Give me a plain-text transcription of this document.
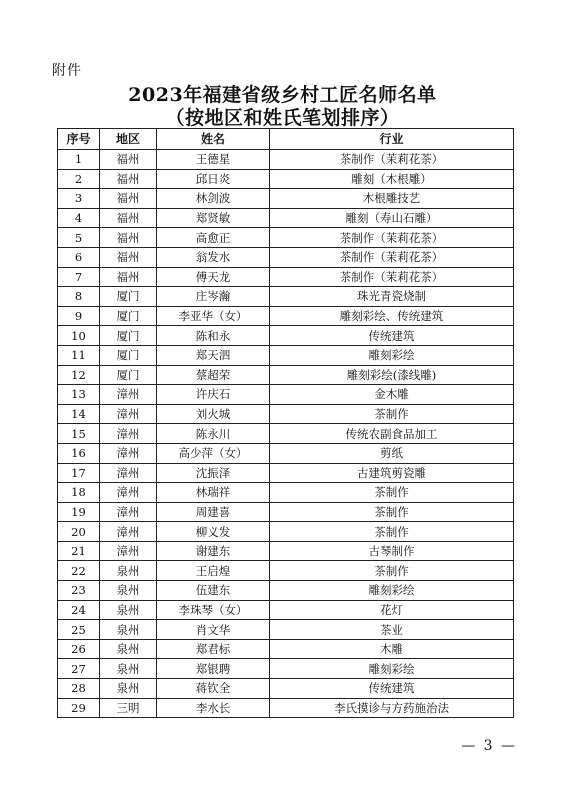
附件
2023年福建省级乡村工匠名师名单
（按地区和姓氏笔划排序）
序号	地区	姓名	行业
1	福州	王德星	茶制作（茉莉花茶）
2	福州	邱日炎	雕刻（木根雕）
3	福州	林剑波	木根雕技艺
4	福州	郑贤敏	雕刻（寿山石雕）
5	福州	高愈正	茶制作（茉莉花茶）
6	福州	翁发水	茶制作（茉莉花茶）
7	福州	傅天龙	茶制作（茉莉花茶）
8	厦门	庄岑瀚	珠光青瓷烧制
9	厦门	李亚华（女）	雕刻彩绘、传统建筑
10	厦门	陈和永	传统建筑
11	厦门	郑天泗	雕刻彩绘
12	厦门	蔡超荣	雕刻彩绘(漆线雕)
13	漳州	许庆石	金木雕
14	漳州	刘火城	茶制作
15	漳州	陈永川	传统农副食品加工
16	漳州	高少萍（女）	剪纸
17	漳州	沈振泽	古建筑剪瓷雕
18	漳州	林瑞祥	茶制作
19	漳州	周建喜	茶制作
20	漳州	柳义发	茶制作
21	漳州	谢建东	古琴制作
22	泉州	王启煌	茶制作
23	泉州	伍建东	雕刻彩绘
24	泉州	李珠琴（女）	花灯
25	泉州	肖文华	茶业
26	泉州	郑君标	木雕
27	泉州	郑银聘	雕刻彩绘
28	泉州	蒋钦全	传统建筑
29	三明	李水长	李氏摸诊与方药施治法
— 3 —
